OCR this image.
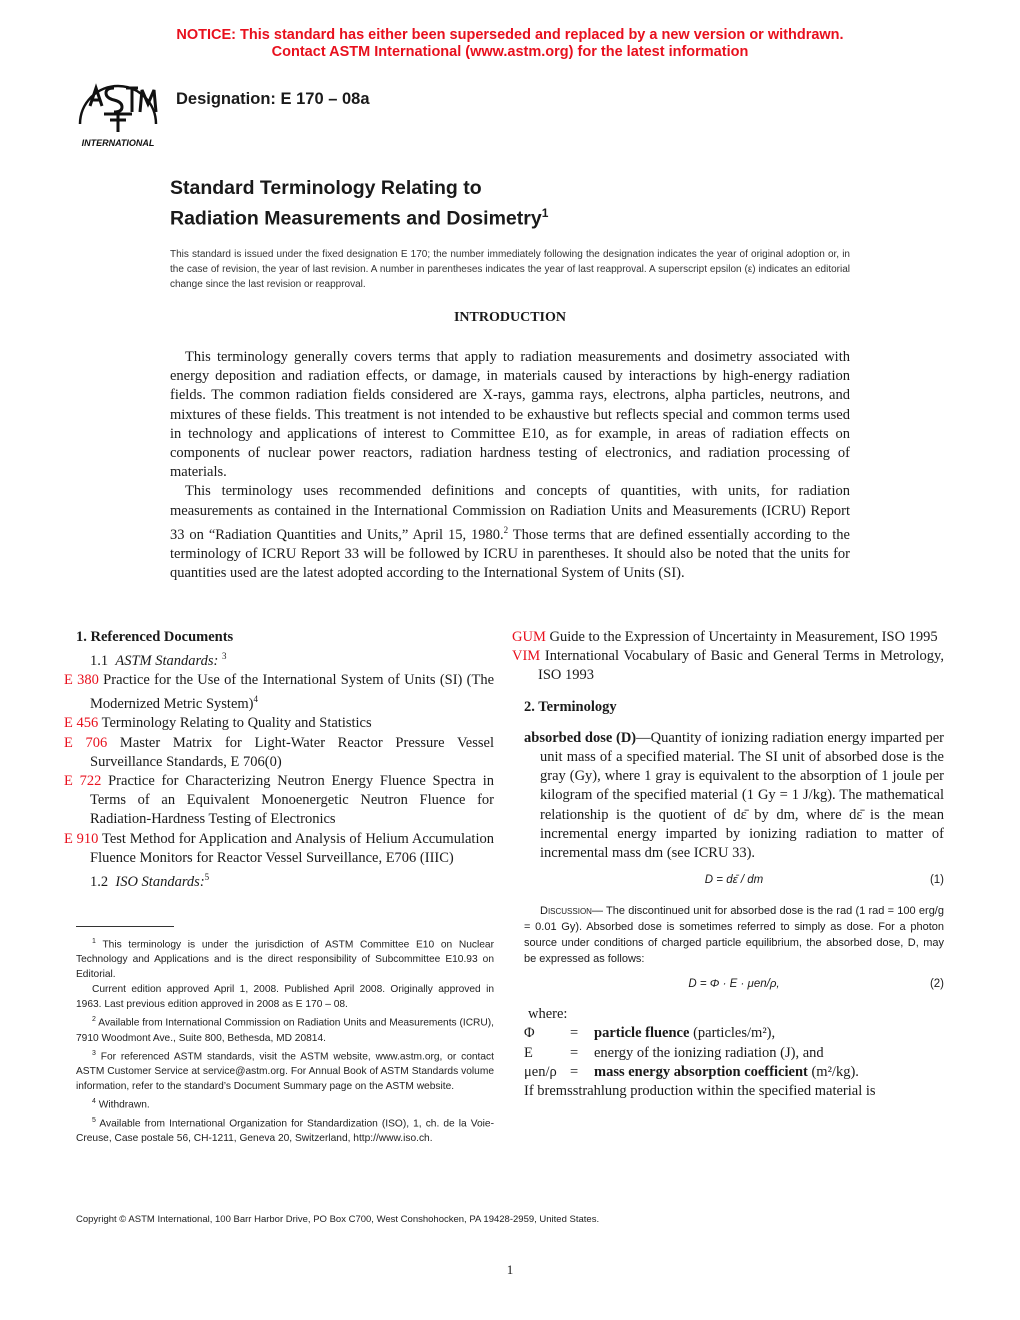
NOTICE: This standard has either been superseded and replaced by a new version or withdrawn.
Contact ASTM International (www.astm.org) for the latest information
INTERNATIONAL
Designation: E 170 – 08a
Standard Terminology Relating to
Radiation Measurements and Dosimetry$^1$
This standard is issued under the fixed designation E 170; the number immediately following the designation indicates the year of original adoption or, in the case of revision, the year of last revision. A number in parentheses indicates the year of last reapproval. A superscript epsilon (ε) indicates an editorial change since the last revision or reapproval.
INTRODUCTION

This terminology generally covers terms that apply to radiation measurements and dosimetry associated with energy deposition and radiation effects, or damage, in materials caused by interactions by high-energy radiation fields. The common radiation fields considered are X-rays, gamma rays, electrons, alpha particles, neutrons, and mixtures of these fields. This treatment is not intended to be exhaustive but reflects special and common terms used in technology and applications of interest to Committee E10, as for example, in areas of radiation effects on components of nuclear power reactors, radiation hardness testing of electronics, and radiation processing of materials.

This terminology uses recommended definitions and concepts of quantities, with units, for radiation measurements as contained in the International Commission on Radiation Units and Measurements (ICRU) Report 33 on “Radiation Quantities and Units,” April 15, 1980.$^2$ Those terms that are defined essentially according to the terminology of ICRU Report 33 will be followed by ICRU in parentheses. It should also be noted that the units for quantities used are the latest adopted according to the International System of Units (SI).

1. Referenced Documents

1.1 ASTM Standards: $^3$

E 380 Practice for the Use of the International System of Units (SI) (The Modernized Metric System)$^4$

E 456 Terminology Relating to Quality and Statistics

E 706 Master Matrix for Light-Water Reactor Pressure Vessel Surveillance Standards, E 706(0)

E 722 Practice for Characterizing Neutron Energy Fluence Spectra in Terms of an Equivalent Monoenergetic Neutron Fluence for Radiation-Hardness Testing of Electronics

E 910 Test Method for Application and Analysis of Helium Accumulation Fluence Monitors for Reactor Vessel Surveillance, E706 (IIIC)

1.2 ISO Standards:$^5$

$^1$ This terminology is under the jurisdiction of ASTM Committee E10 on Nuclear Technology and Applications and is the direct responsibility of Subcommittee E10.93 on Editorial.

Current edition approved April 1, 2008. Published April 2008. Originally approved in 1963. Last previous edition approved in 2008 as E 170 – 08.

$^2$ Available from International Commission on Radiation Units and Measurements (ICRU), 7910 Woodmont Ave., Suite 800, Bethesda, MD 20814.

$^3$ For referenced ASTM standards, visit the ASTM website, www.astm.org, or contact ASTM Customer Service at service@astm.org. For Annual Book of ASTM Standards volume information, refer to the standard’s Document Summary page on the ASTM website.

$^4$ Withdrawn.

$^5$ Available from International Organization for Standardization (ISO), 1, ch. de la Voie-Creuse, Case postale 56, CH-1211, Geneva 20, Switzerland, http://www.iso.ch.

GUM Guide to the Expression of Uncertainty in Measurement, ISO 1995

VIM International Vocabulary of Basic and General Terms in Metrology, ISO 1993

2. Terminology

absorbed dose (D)—Quantity of ionizing radiation energy imparted per unit mass of a specified material. The SI unit of absorbed dose is the gray (Gy), where 1 gray is equivalent to the absorption of 1 joule per kilogram of the specified material (1 Gy = 1 J/kg). The mathematical relationship is the quotient of dε̄ by dm, where dε̄ is the mean incremental energy imparted by ionizing radiation to matter of incremental mass dm (see ICRU 33).

D = dε̄ / dm	(1)

Discussion— The discontinued unit for absorbed dose is the rad (1 rad = 100 erg/g = 0.01 Gy). Absorbed dose is sometimes referred to simply as dose. For a photon source under conditions of charged particle equilibrium, the absorbed dose, D, may be expressed as follows:

D = Φ · E · μen/ρ,	(2)
where:
Φ	=	particle fluence (particles/m²),
E	=	energy of the ionizing radiation (J), and
μen/ρ =	mass energy absorption coefficient (m²/kg).

If bremsstrahlung production within the specified material is

Copyright © ASTM International, 100 Barr Harbor Drive, PO Box C700, West Conshohocken, PA 19428-2959, United States.
1
